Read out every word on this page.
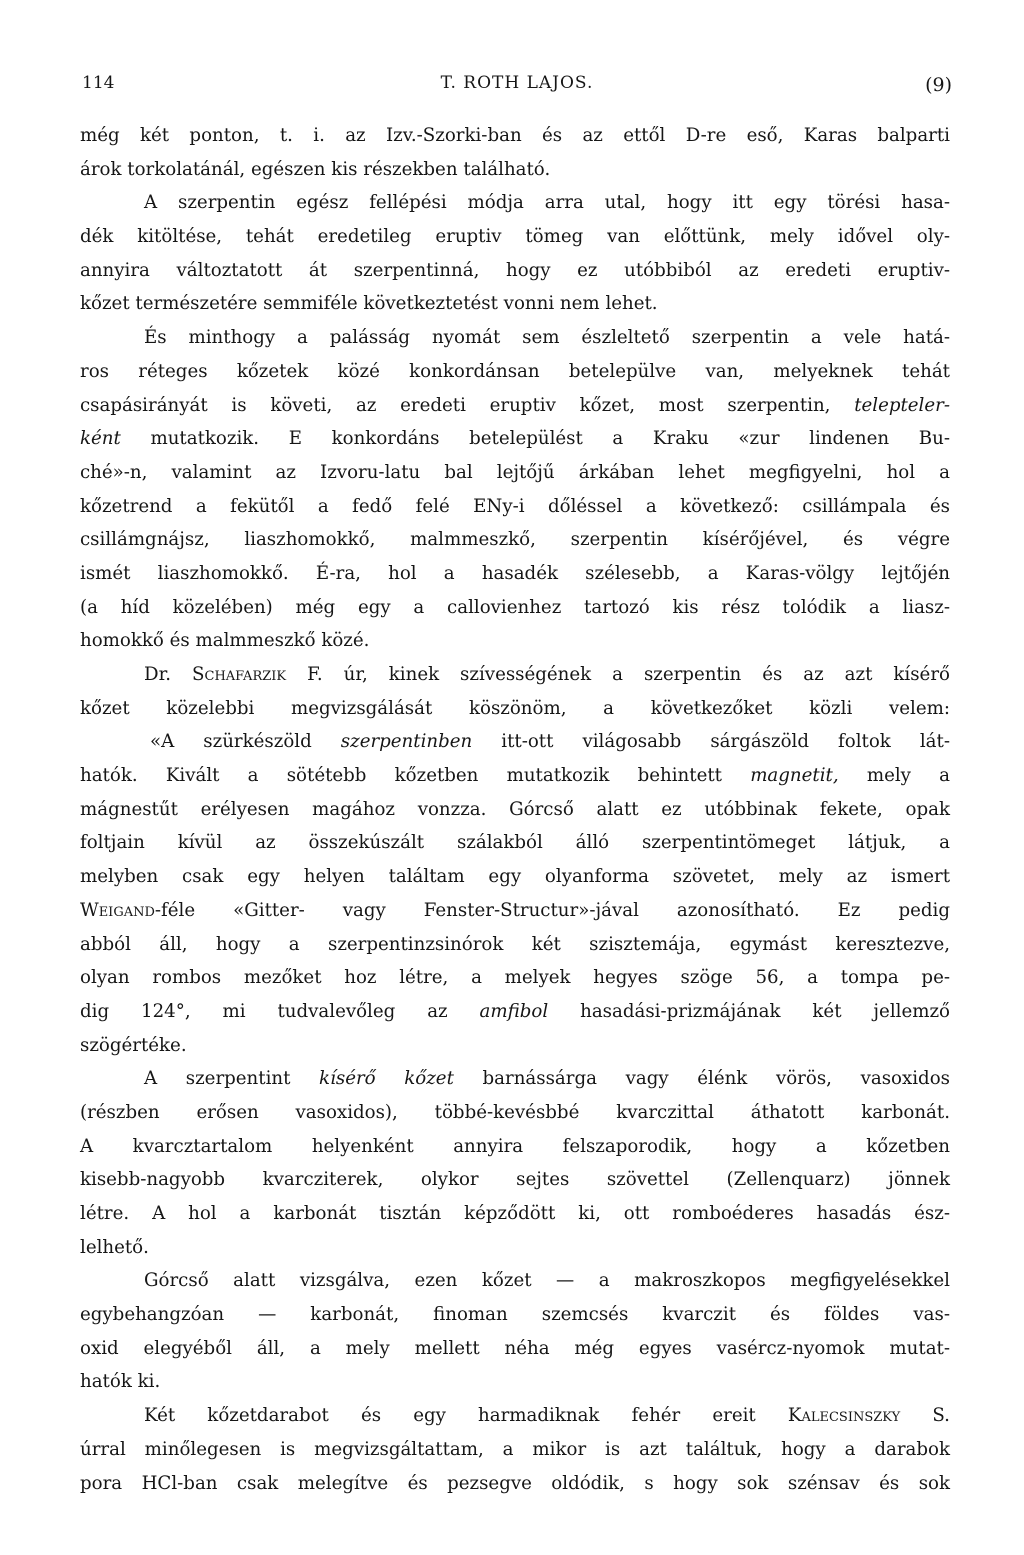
114	T. ROTH LAJOS.	(9)
még két ponton, t. i. az Izv.-Szorki-ban és az ettől D-re eső, Karas balparti
árok torkolatánál, egészen kis részekben található.
A szerpentin egész fellépési módja arra utal, hogy itt egy törési hasa-
dék kitöltése, tehát eredetileg eruptiv tömeg van előttünk, mely idővel oly-
annyira változtatott át szerpentinná, hogy ez utóbbiból az eredeti eruptiv-
kőzet természetére semmiféle következtetést vonni nem lehet.
És minthogy a palásság nyomát sem észleltető szerpentin a vele hatá-
ros réteges kőzetek közé konkordánsan betelepülve van, melyeknek tehát
csapásirányát is követi, az eredeti eruptiv kőzet, most szerpentin, telepteler-
ként mutatkozik. E konkordáns betelepülést a Kraku «zur lindenen Bu-
ché»-n, valamint az Izvoru-latu bal lejtőjű árkában lehet megfigyelni, hol a
kőzetrend a fekütől a fedő felé ENy-i dőléssel a következő: csillámpala és
csillámgnájsz, liaszhomokkő, malmmeszkő, szerpentin kísérőjével, és végre
ismét liaszhomokkő. É-ra, hol a hasadék szélesebb, a Karas-völgy lejtőjén
(a híd közelében) még egy a callovienhez tartozó kis rész tolódik a liasz-
homokkő és malmmeszkő közé.
Dr. Schafarzik F. úr, kinek szívességének a szerpentin és az azt kísérő
kőzet közelebbi megvizsgálását köszönöm, a következőket közli velem:
«A szürkészöld szerpentinben itt-ott világosabb sárgászöld foltok lát-
hatók. Kivált a sötétebb kőzetben mutatkozik behintett magnetit, mely a
mágnestűt erélyesen magához vonzza. Górcső alatt ez utóbbinak fekete, opak
foltjain kívül az összekúszált szálakból álló szerpentintömeget látjuk, a
melyben csak egy helyen találtam egy olyanforma szövetet, mely az ismert
Weigand-féle «Gitter- vagy Fenster-Structur»-jával azonosítható. Ez pedig
abból áll, hogy a szerpentinzsinórok két szisztemája, egymást keresztezve,
olyan rombos mezőket hoz létre, a melyek hegyes szöge 56, a tompa pe-
dig 124°, mi tudvalevőleg az amfibol hasadási-prizmájának két jellemző
szögértéke.
A szerpentint kísérő kőzet barnássárga vagy élénk vörös, vasoxidos
(részben erősen vasoxidos), többé-kevésbbé kvarczittal áthatott karbonát.
A kvarcztartalom helyenként annyira felszaporodik, hogy a kőzetben
kisebb-nagyobb kvarcziterek, olykor sejtes szövettel (Zellenquarz) jönnek
létre. A hol a karbonát tisztán képződött ki, ott romboéderes hasadás ész-
lelhető.
Górcső alatt vizsgálva, ezen kőzet — a makroszkopos megfigyelésekkel
egybehangzóan — karbonát, finoman szemcsés kvarczit és földes vas-
oxid elegyéből áll, a mely mellett néha még egyes vasércz-nyomok mutat-
hatók ki.
Két kőzetdarabot és egy harmadiknak fehér ereit Kalecsinszky S.
úrral minőlegesen is megvizsgáltattam, a mikor is azt találtuk, hogy a darabok
pora HCl-ban csak melegítve és pezsegve oldódik, s hogy sok szénsav és sok
